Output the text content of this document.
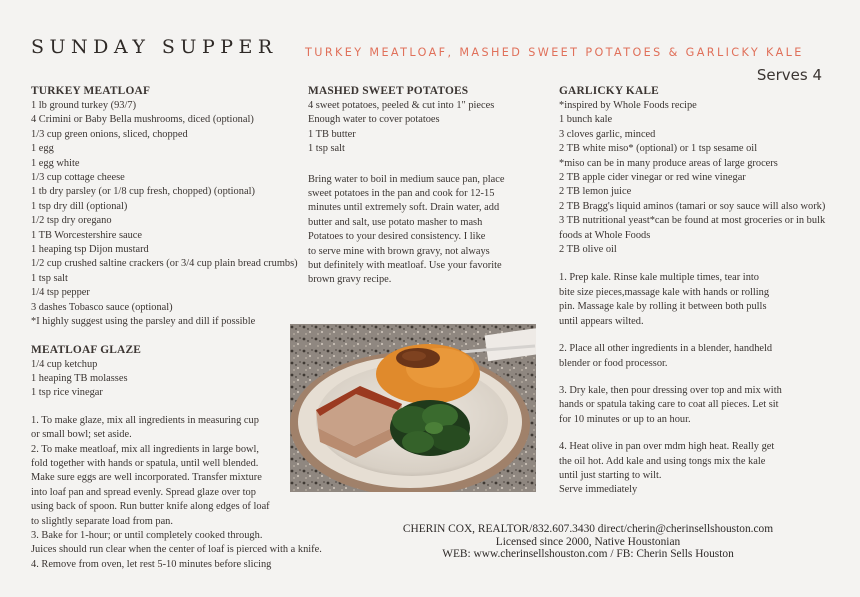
SUNDAY SUPPER TURKEY MEATLOAF, MASHED SWEET POTATOES & GARLICKY KALE
Serves 4
TURKEY MEATLOAF

1 lb ground turkey (93/7)

4 Crimini or Baby Bella mushrooms, diced (optional)

1/3 cup green onions, sliced, chopped

1 egg

1 egg white

1/3 cup cottage cheese

1 tb dry parsley (or 1/8 cup fresh, chopped) (optional)

1 tsp dry dill (optional)

1/2 tsp dry oregano

1 TB Worcestershire sauce

1 heaping tsp Dijon mustard

1/2 cup crushed saltine crackers (or 3/4 cup plain bread crumbs)

1 tsp salt

1/4 tsp pepper

3 dashes Tobasco sauce (optional)

*I highly suggest using the parsley and dill if possible

MEATLOAF GLAZE

1/4 cup ketchup

1 heaping TB molasses

1 tsp rice vinegar

1. To make glaze, mix all ingredients in measuring cup

or small bowl; set aside.

2. To make meatloaf, mix all ingredients in large bowl,

fold together with hands or spatula, until well blended.

Make sure eggs are well incorporated. Transfer mixture

into loaf pan and spread evenly. Spread glaze over top

using back of spoon. Run butter knife along edges of loaf

to slightly separate load from pan.

3. Bake for 1-hour; or until completely cooked through.

Juices should run clear when the center of loaf is pierced with a knife.

4. Remove from oven, let rest 5-10 minutes before slicing

MASHED SWEET POTATOES

4 sweet potatoes, peeled & cut into 1" pieces

Enough water to cover potatoes

1 TB butter

1 tsp salt

Bring water to boil in medium sauce pan, place

sweet potatoes in the pan and cook for 12-15

minutes until extremely soft. Drain water, add

butter and salt, use potato masher to mash

Potatoes to your desired consistency. I like

to serve mine with brown gravy, not always

but definitely with meatloaf. Use your favorite

brown gravy recipe.

GARLICKY KALE

*inspired by Whole Foods recipe

1 bunch kale

3 cloves garlic, minced

2 TB white miso* (optional) or 1 tsp sesame oil

*miso can be in many produce areas of large grocers

2 TB apple cider vinegar or red wine vinegar

2 TB lemon juice

2 TB Bragg's liquid aminos (tamari or soy sauce will also work)

3 TB nutritional yeast*can be found at most groceries or in bulk

foods at Whole Foods

2 TB olive oil

1. Prep kale. Rinse kale multiple times, tear into

bite size pieces,massage kale with hands or rolling

pin. Massage kale by rolling it between both pulls

until appears wilted.

2. Place all other ingredients in a blender, handheld

blender or food processor.

3. Dry kale, then pour dressing over top and mix with

hands or spatula taking care to coat all pieces. Let sit

for 10 minutes or up to an hour.

4. Heat olive in pan over mdm high heat. Really get

the oil hot. Add kale and using tongs mix the kale

until just starting to wilt.

Serve immediately

CHERIN COX, REALTOR/832.607.3430 direct/cherin@cherinsellshouston.com

Licensed since 2000, Native Houstonian

WEB: www.cherinsellshouston.com / FB: Cherin Sells Houston
